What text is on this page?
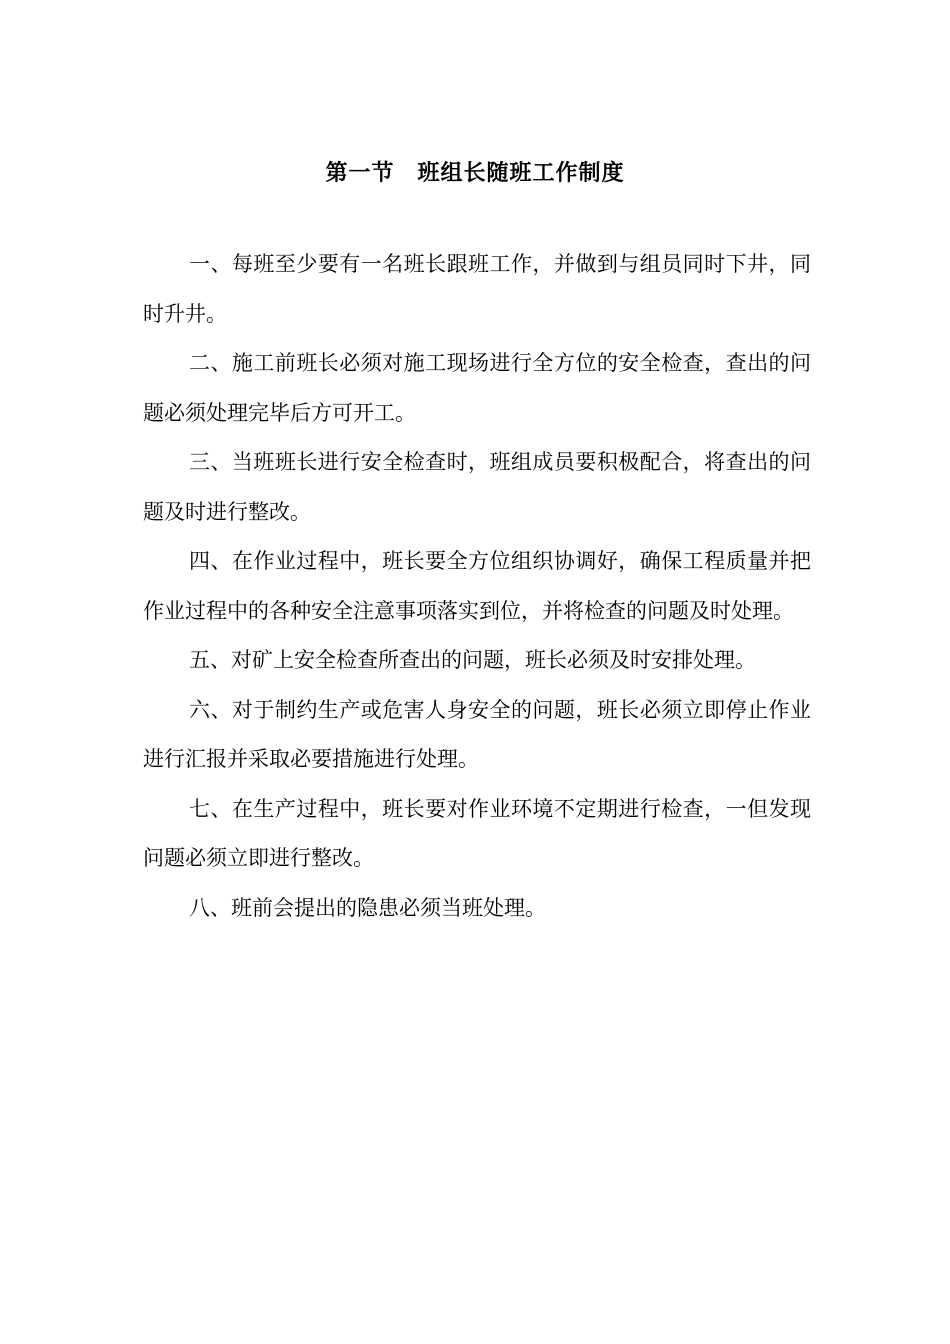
第一节　班组长随班工作制度

一、每班至少要有一名班长跟班工作，并做到与组员同时下井，同时升井。

二、施工前班长必须对施工现场进行全方位的安全检查，查出的问题必须处理完毕后方可开工。

三、当班班长进行安全检查时，班组成员要积极配合，将查出的问题及时进行整改。

四、在作业过程中，班长要全方位组织协调好，确保工程质量并把作业过程中的各种安全注意事项落实到位，并将检查的问题及时处理。

五、对矿上安全检查所查出的问题，班长必须及时安排处理。

六、对于制约生产或危害人身安全的问题，班长必须立即停止作业进行汇报并采取必要措施进行处理。

七、在生产过程中，班长要对作业环境不定期进行检查，一但发现问题必须立即进行整改。

八、班前会提出的隐患必须当班处理。
